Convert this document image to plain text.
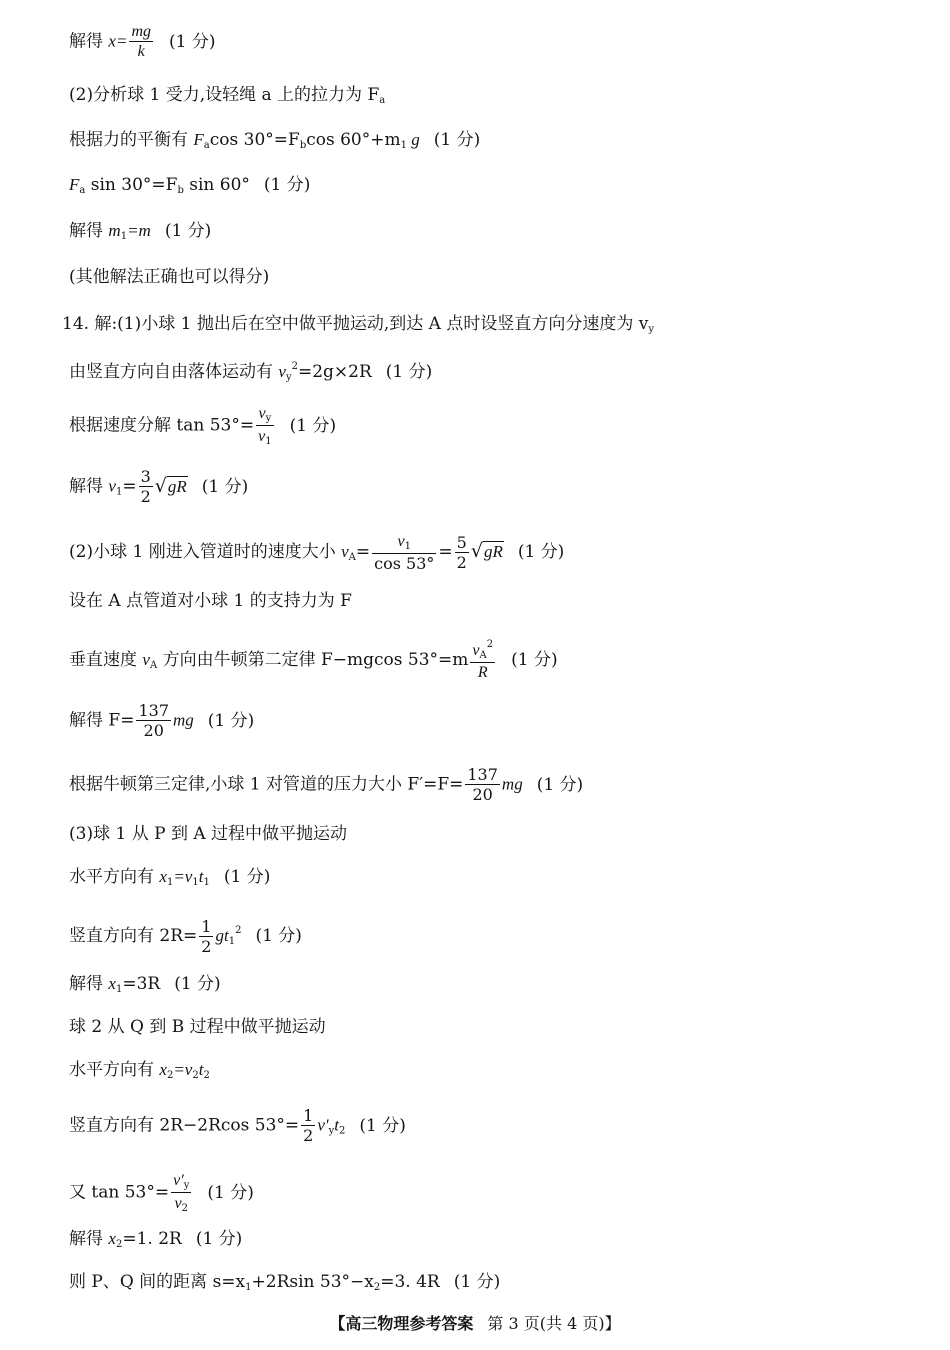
解得 $x= \frac{mg}{k} (1$ 分)
(2)分析球 1 受力,设轻绳 a 上的拉力为 $F_a$
根据力的平衡有 $F_a\cos$ $30^\circ=F_b\cos$ $60^\circ+m_1$ g (1 分)
$F_a$ $\sin 30^\circ=F_b$ sin 60° (1 分)
解得 $m_1=m$ (1 分)
(其他解法正确也可以得分)
14. 解:(1)小球 1 抛出后在空中做平抛运动,到达 A 点时设竖直方向分速度为 $v_y$
由竖直方向自由落体运动有 $v_y^2=2g\times 2R$ (1 分)
根据速度分解 $\tan 53^\circ= \frac{v_y}{v_1} (1$ 分)
解得 $v_1= \frac{3}{2} √gR$ (1 分)
(2)小球 1 刚进入管道时的速度大小 $v_A= \frac{v_1}{\cos 53^\circ} = \frac{5}{2} √gR$ (1 分)
设在 A 点管道对小球 1 的支持力为 F
垂直速度 $v_A$ 方向由牛顿第二定律 F−mgcos $53^\circ=m \frac{v_A^2}{R} (1$ 分)
解得 $F= \frac{137}{20}$ mg (1 分)
根据牛顿第三定律,小球 1 对管道的压力大小 $F'=F= \frac{137}{20}$ mg (1 分)
(3)球 1 从 P 到 A 过程中做平抛运动
水平方向有 $x_1=v_1t_1$ (1 分)
竖直方向有 $2R= \frac{1}{2} gt_1^2$ (1 分)
解得 $x_1=3R$ (1 分)
球 2 从 Q 到 B 过程中做平抛运动
水平方向有 $x_2=v_2t_2$
竖直方向有 2R−2Rcos $53^\circ= \frac{1}{2} v'_yt_2$ (1 分)
又 $\tan 53^\circ= \frac{v'_y}{v_2} (1$ 分)
解得 $x_2=1$. 2R (1 分)
则 P、Q 间的距离 $s=x_1+2Rsin$ $53^\circ-x_2=3$. 4R (1 分)
【高三物理参考答案 第 3 页(共 4 页)】
